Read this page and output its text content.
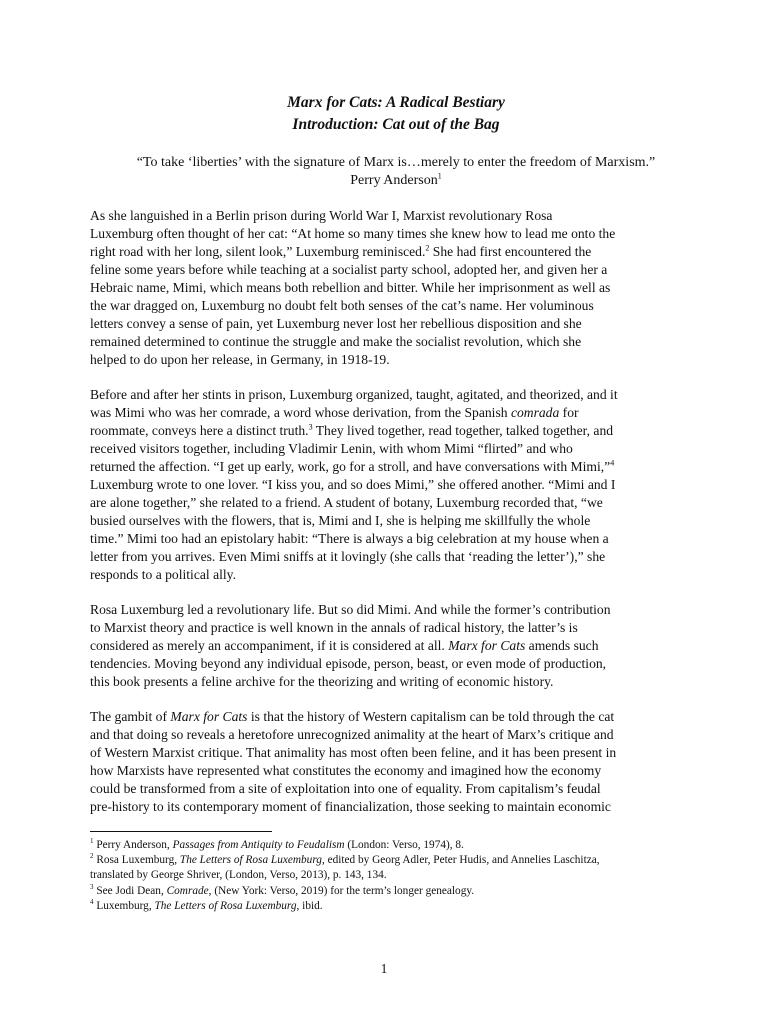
Marx for Cats: A Radical Bestiary
Introduction: Cat out of the Bag
“To take ‘liberties’ with the signature of Marx is…merely to enter the freedom of Marxism.”
Perry Anderson$^1$

As she languished in a Berlin prison during World War I, Marxist revolutionary Rosa
Luxemburg often thought of her cat: “At home so many times she knew how to lead me onto the
right road with her long, silent look,” Luxemburg reminisced.$^2$ She had first encountered the
feline some years before while teaching at a socialist party school, adopted her, and given her a
Hebraic name, Mimi, which means both rebellion and bitter. While her imprisonment as well as
the war dragged on, Luxemburg no doubt felt both senses of the cat’s name. Her voluminous
letters convey a sense of pain, yet Luxemburg never lost her rebellious disposition and she
remained determined to continue the struggle and make the socialist revolution, which she
helped to do upon her release, in Germany, in 1918-19.

Before and after her stints in prison, Luxemburg organized, taught, agitated, and theorized, and it
was Mimi who was her comrade, a word whose derivation, from the Spanish comrada for
roommate, conveys here a distinct truth.$^3$ They lived together, read together, talked together, and
received visitors together, including Vladimir Lenin, with whom Mimi “flirted” and who
returned the affection. “I get up early, work, go for a stroll, and have conversations with Mimi,”$^4$
Luxemburg wrote to one lover. “I kiss you, and so does Mimi,” she offered another. “Mimi and I
are alone together,” she related to a friend. A student of botany, Luxemburg recorded that, “we
busied ourselves with the flowers, that is, Mimi and I, she is helping me skillfully the whole
time.” Mimi too had an epistolary habit: “There is always a big celebration at my house when a
letter from you arrives. Even Mimi sniffs at it lovingly (she calls that ‘reading the letter’),” she
responds to a political ally.

Rosa Luxemburg led a revolutionary life. But so did Mimi. And while the former’s contribution
to Marxist theory and practice is well known in the annals of radical history, the latter’s is
considered as merely an accompaniment, if it is considered at all. Marx for Cats amends such
tendencies. Moving beyond any individual episode, person, beast, or even mode of production,
this book presents a feline archive for the theorizing and writing of economic history.

The gambit of Marx for Cats is that the history of Western capitalism can be told through the cat
and that doing so reveals a heretofore unrecognized animality at the heart of Marx’s critique and
of Western Marxist critique. That animality has most often been feline, and it has been present in
how Marxists have represented what constitutes the economy and imagined how the economy
could be transformed from a site of exploitation into one of equality. From capitalism’s feudal
pre-history to its contemporary moment of financialization, those seeking to maintain economic

$^1$ Perry Anderson, Passages from Antiquity to Feudalism (London: Verso, 1974), 8.
$^2$ Rosa Luxemburg, The Letters of Rosa Luxemburg, edited by Georg Adler, Peter Hudis, and Annelies Laschitza,
translated by George Shriver, (London, Verso, 2013), p. 143, 134.
$^3$ See Jodi Dean, Comrade, (New York: Verso, 2019) for the term’s longer genealogy.
$^4$ Luxemburg, The Letters of Rosa Luxemburg, ibid.
1
